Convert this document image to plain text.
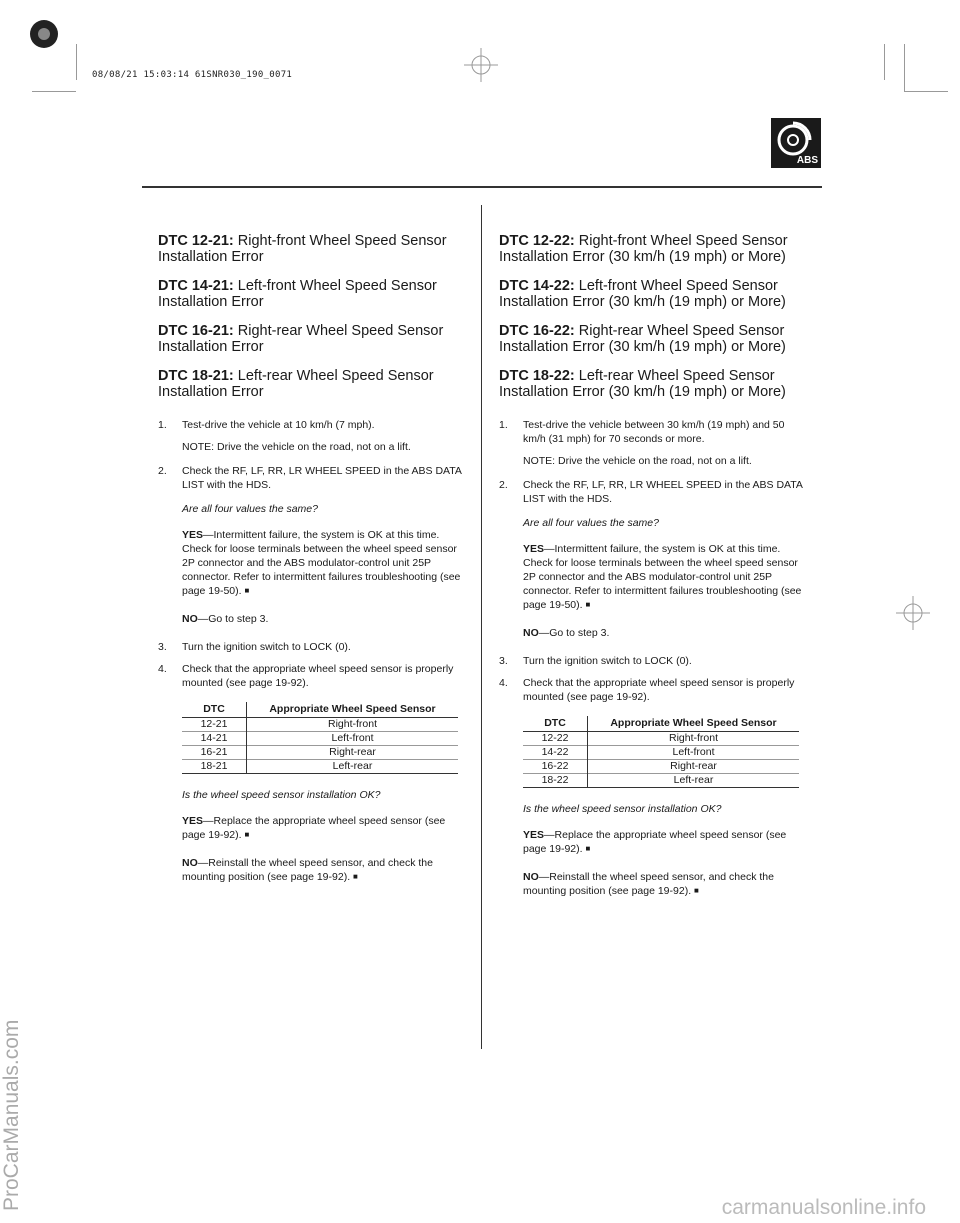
08/08/21 15:03:14 61SNR030_190_0071
ProCarManuals.com
ABS
DTC 12-21: Right-front Wheel Speed Sensor Installation Error
DTC 14-21: Left-front Wheel Speed Sensor Installation Error
DTC 16-21: Right-rear Wheel Speed Sensor Installation Error
DTC 18-21: Left-rear Wheel Speed Sensor Installation Error
1.	Test-drive the vehicle at 10 km/h (7 mph).
NOTE: Drive the vehicle on the road, not on a lift.
2.	Check the RF, LF, RR, LR WHEEL SPEED in the ABS DATA LIST with the HDS.
Are all four values the same?
YES—Intermittent failure, the system is OK at this time. Check for loose terminals between the wheel speed sensor 2P connector and the ABS modulator-control unit 25P connector. Refer to intermittent failures troubleshooting (see page 19-50). ■
NO—Go to step 3.
3.	Turn the ignition switch to LOCK (0).
4.	Check that the appropriate wheel speed sensor is properly mounted (see page 19-92).
DTC	Appropriate Wheel Speed Sensor
12-21	Right-front
14-21	Left-front
16-21	Right-rear
18-21	Left-rear
Is the wheel speed sensor installation OK?
YES—Replace the appropriate wheel speed sensor (see page 19-92). ■
NO—Reinstall the wheel speed sensor, and check the mounting position (see page 19-92). ■
DTC 12-22: Right-front Wheel Speed Sensor Installation Error (30 km/h (19 mph) or More)
DTC 14-22: Left-front Wheel Speed Sensor Installation Error (30 km/h (19 mph) or More)
DTC 16-22: Right-rear Wheel Speed Sensor Installation Error (30 km/h (19 mph) or More)
DTC 18-22: Left-rear Wheel Speed Sensor Installation Error (30 km/h (19 mph) or More)
1.	Test-drive the vehicle between 30 km/h (19 mph) and 50 km/h (31 mph) for 70 seconds or more.
NOTE: Drive the vehicle on the road, not on a lift.
2.	Check the RF, LF, RR, LR WHEEL SPEED in the ABS DATA LIST with the HDS.
Are all four values the same?
YES—Intermittent failure, the system is OK at this time. Check for loose terminals between the wheel speed sensor 2P connector and the ABS modulator-control unit 25P connector. Refer to intermittent failures troubleshooting (see page 19-50). ■
NO—Go to step 3.
3.	Turn the ignition switch to LOCK (0).
4.	Check that the appropriate wheel speed sensor is properly mounted (see page 19-92).
DTC	Appropriate Wheel Speed Sensor
12-22	Right-front
14-22	Left-front
16-22	Right-rear
18-22	Left-rear
Is the wheel speed sensor installation OK?
YES—Replace the appropriate wheel speed sensor (see page 19-92). ■
NO—Reinstall the wheel speed sensor, and check the mounting position (see page 19-92). ■
carmanualsonline.info
